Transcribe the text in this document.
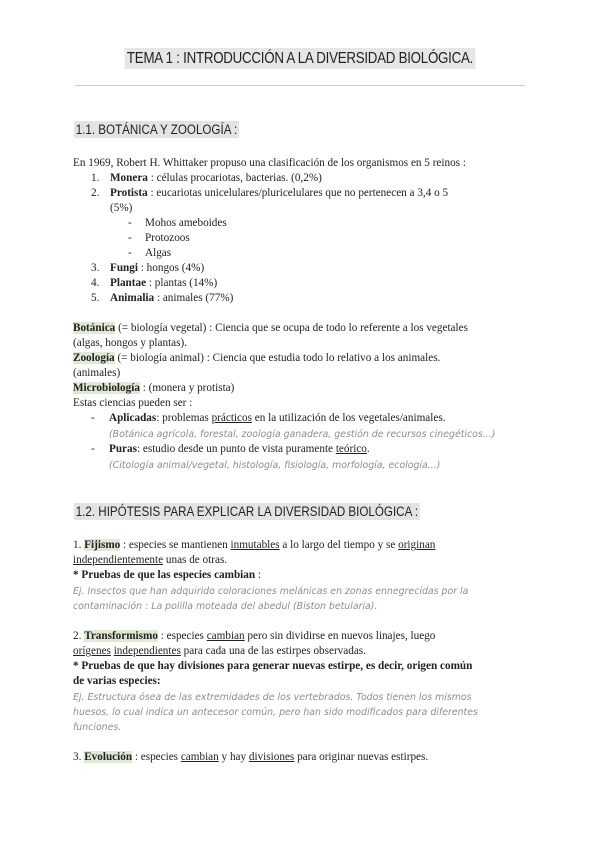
TEMA 1 : INTRODUCCIÓN A LA DIVERSIDAD BIOLÓGICA.
1.1. BOTÁNICA Y ZOOLOGÍA :
En 1969, Robert H. Whittaker propuso una clasificación de los organismos en 5 reinos :
1. Monera : células procariotas, bacterias. (0,2%)
2. Protista : eucariotas unicelulares/pluricelulares que no pertenecen a 3,4 o 5
(5%)
- Mohos ameboides
- Protozoos
- Algas
3. Fungi : hongos (4%)
4. Plantae : plantas (14%)
5. Animalia : animales (77%)
Botánica (= biología vegetal) : Ciencia que se ocupa de todo lo referente a los vegetales
(algas, hongos y plantas).
Zoología (= biología animal) : Ciencia que estudia todo lo relativo a los animales.
(animales)
Microbiología : (monera y protista)
Estas ciencias pueden ser :
- Aplicadas: problemas prácticos en la utilización de los vegetales/animales.
(Botánica agrícola, forestal, zoología ganadera, gestión de recursos cinegéticos...)
- Puras: estudio desde un punto de vista puramente teórico.
(Citología animal/vegetal, histología, fisiología, morfología, ecología...)
1.2. HIPÓTESIS PARA EXPLICAR LA DIVERSIDAD BIOLÓGICA :
1. Fijismo : especies se mantienen inmutables a lo largo del tiempo y se originan
independientemente unas de otras.
* Pruebas de que las especies cambian :
Ej. Insectos que han adquirido coloraciones melánicas en zonas ennegrecidas por la
contaminación : La polilla moteada del abedul (Biston betularia).
2. Transformismo : especies cambian pero sin dividirse en nuevos linajes, luego
orígenes independientes para cada una de las estirpes observadas.
* Pruebas de que hay divisiones para generar nuevas estirpe, es decir, origen común
de varias especies:
Ej. Estructura ósea de las extremidades de los vertebrados. Todos tienen los mismos
huesos, lo cual indica un antecesor común, pero han sido modificados para diferentes
funciones.
3. Evolución : especies cambian y hay divisiones para originar nuevas estirpes.
